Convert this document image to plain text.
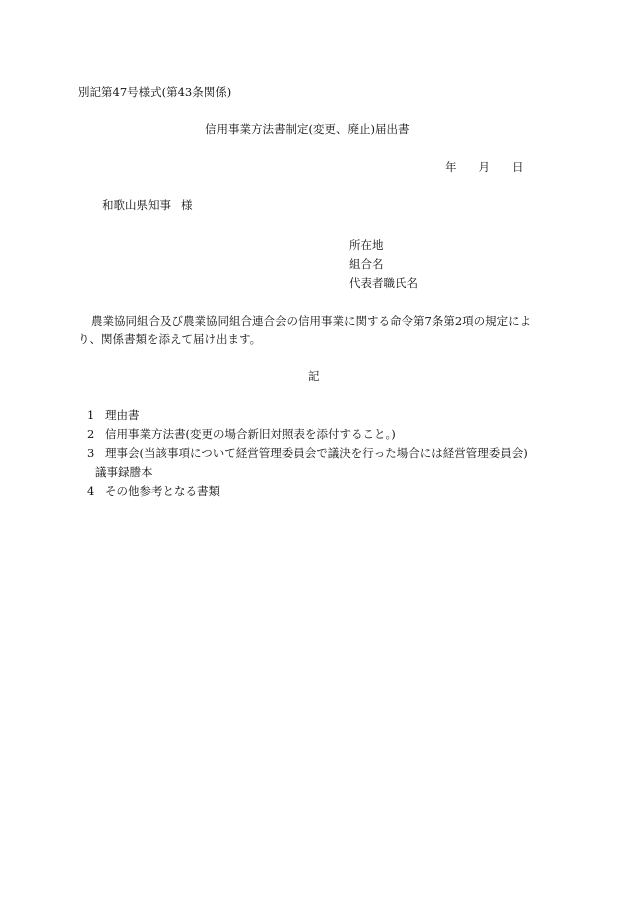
別記第47号様式(第43条関係)

信用事業方法書制定(変更、廃止)届出書

年 月 日

和歌山県知事 様

所在地
組合名
代表者職氏名

農業協同組合及び農業協同組合連合会の信用事業に関する命令第7条第2項の規定によ

り、関係書類を添えて届け出ます。

記

1 理由書
2 信用事業方法書(変更の場合新旧対照表を添付すること。)
3 理事会(当該事項について経営管理委員会で議決を行った場合には経営管理委員会)
議事録謄本
4 その他参考となる書類
